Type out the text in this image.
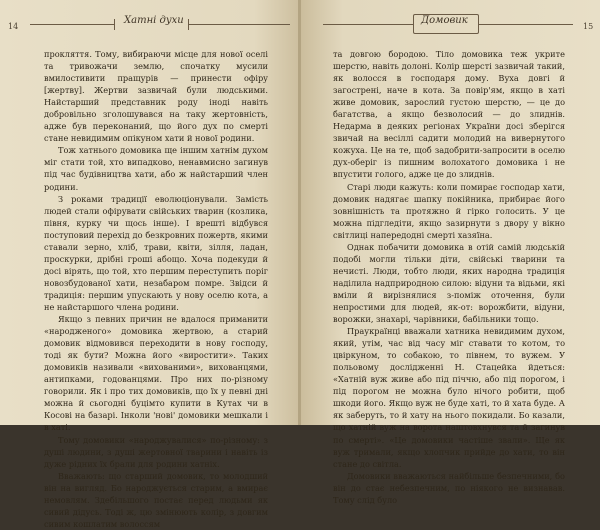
14
Хатні духи

прокляття. Тому, вибираючи місце для нової оселі та тривожачи землю, спочатку мусили вмилостивити пращурів — принести офіру [жертву]. Жертви зазвичай були людськими. Найстарший представник роду iноді навіть добровільно зголошувався на таку жертовність, адже був переконаний, що його дух по смерті стане невидимим опікуном хати й нової родини.

Тож хатнього домовика ще іншим хатнім духом міг стати той, хто випадково, ненавмисно загинув під час будівництва хати, або ж найстарший член родини.

З роками традиції еволюціонували. Замість людей стали офірувати свійських тварин (козлика, півня, курку чи щось інше). І врешті вiдбувся поступовий перехід до безкровних пожертв, якими ставали зерно, хліб, трави, квіти, зілля, ладан, проскурки, дрібні гроші абощо. Хоча подекуди й досі вірять, що той, хто першим переступить поріг новозбудованої хати, незабаром помре. Звідси й традиція: першим упускають у нову оселю кота, а не найстаршого члена родини.

Якщо з певних причин не вдалося приманити «народженого» домовика жертвою, а старий домовик відмовився переходити в нову господу, тоді як бути? Можна його «виростити». Таких домовиків називали «вихованими», вихованцями, антипками, годованцями. Про них по-різному говорили. Як і про тих домовиків, що їх у певні дні можна й сьогодні буцімто купити в Кутах чи в Косові на базарі. Інколи 'нові' домовики мешкали і в хаті.

Тому домовики «народжувалися» по-різному: з душі людини, з душі жертовної тварини і навіть із дуже рідних їх брали для родини хатніх.

Вважають: що старший домовик, то молодший він на вигляд. Бо народжується старим, а вмирає немовлям. Здебільшого постає перед людьми як сивий дідусь. Тоді ж, цю змінюють колір, з довгим сивим кошлатим волоссям

Домовик
15

та довгою бородою. Тіло домовика теж укрите шерстю, навіть долоні. Колір шерсті зазвичай такий, як волосся в господаря дому. Вуха довгі й загострені, наче в кота. За повір'ям, якщо в хаті живе домовик, зарослий густою шерстю, — це до багатства, а якщо безволосий — до злиднів. Недарма в деяких регіонах України досі зберігся звичай на весіллі садити молодий на вивернутого кожуха. Це на те, щоб задобрити-запросити в оселю дух-оберіг із пишним волохатого домовика і не впустити голого, адже це до злиднів.

Старі люди кажуть: коли помирає господар хати, домовик надягає шапку покійника, прибирає його зовнішність та протяжно й гірко голосить. У це можна підгледіти, якщо зазирнути з двору у вікно світлиці напередодні смерті хазяїна.

Однак побачити домовика в отій самій людській подобі могли тільки діти, свійські тварини та нечисті. Люди, тобто люди, яких народна традиція надiлила надприродною силою: відуни та відьми, які вміли й вирізнялися з-поміж оточення, були непростими для людей, як-от: ворожбити, відуни, ворожки, знахарі, чарівники, бабільники тощо.

Праукраїнці вважали хатника невидимим духом, який, утім, час від часу міг ставати то котом, то цвіркуном, то собакою, то півнем, то вужем. У польовому дослідженні Н. Стацейка йдеться: «Хатній вуж живе або під піччю, або під порогом, і під порогом не можна було нічого робити, щоб шкоди його. Якщо вуж не буде хаті, то й хата буде. А як заберуть, то й хату на нього покидали. Бо казали, що хатній вуж на ворота наштовхнувся та й загинув по смерті». «Це домовики частіше звали». Ще як вуж тримали, якщо хлопчик прийде до хати, то він стане до світла.

Домовики вважаються найбільше безпечними, бо він до стає небезпечним, по ніякого не визнавав. Тому слід було
